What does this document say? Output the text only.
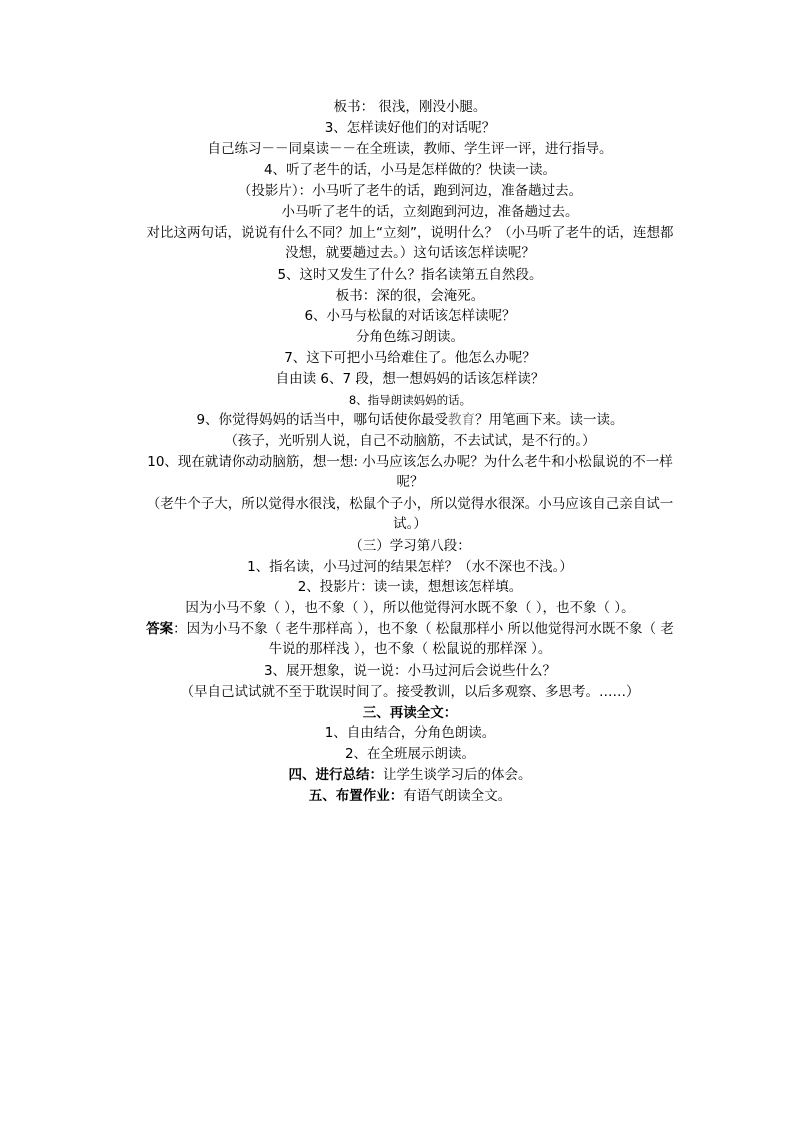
板书： 很浅，刚没小腿。
3、怎样读好他们的对话呢？
自己练习－－同桌读－－在全班读，教师、学生评一评，进行指导。
4、听了老牛的话，小马是怎样做的？快读一读。
（投影片）：小马听了老牛的话，跑到河边，准备趟过去。
小马听了老牛的话，立刻跑到河边，准备趟过去。
对比这两句话，说说有什么不同？加上“立刻”，说明什么？（小马听了老牛的话，连想都没想，就要趟过去。）这句话该怎样读呢？
5、这时又发生了什么？指名读第五自然段。
板书：深的很，会淹死。
6、小马与松鼠的对话该怎样读呢？
分角色练习朗读。
7、这下可把小马给难住了。他怎么办呢？
自由读 6、7 段，想一想妈妈的话该怎样读？
8、指导朗读妈妈的话。
9、你觉得妈妈的话当中，哪句话使你最受教育？用笔画下来。读一读。
（孩子，光听别人说，自己不动脑筋，不去试试，是不行的。）
10、现在就请你动动脑筋，想一想: 小马应该怎么办呢？为什么老牛和小松鼠说的不一样呢？
（老牛个子大，所以觉得水很浅，松鼠个子小，所以觉得水很深。小马应该自己亲自试一试。）
（三）学习第八段：
1、指名读，小马过河的结果怎样？（水不深也不浅。）
2、投影片：读一读，想想该怎样填。
因为小马不象（ ），也不象（ ），所以他觉得河水既不象（ ），也不象（ ）。
答案：因为小马不象（ 老牛那样高 ），也不象（ 松鼠那样小 所以他觉得河水既不象（ 老牛说的那样浅 ），也不象（ 松鼠说的那样深 ）。
3、展开想象，说一说：小马过河后会说些什么？
（早自己试试就不至于耽误时间了。接受教训，以后多观察、多思考。……）
三、再读全文：
1、自由结合，分角色朗读。
2、在全班展示朗读。
四、进行总结：让学生谈学习后的体会。
五、布置作业：有语气朗读全文。
